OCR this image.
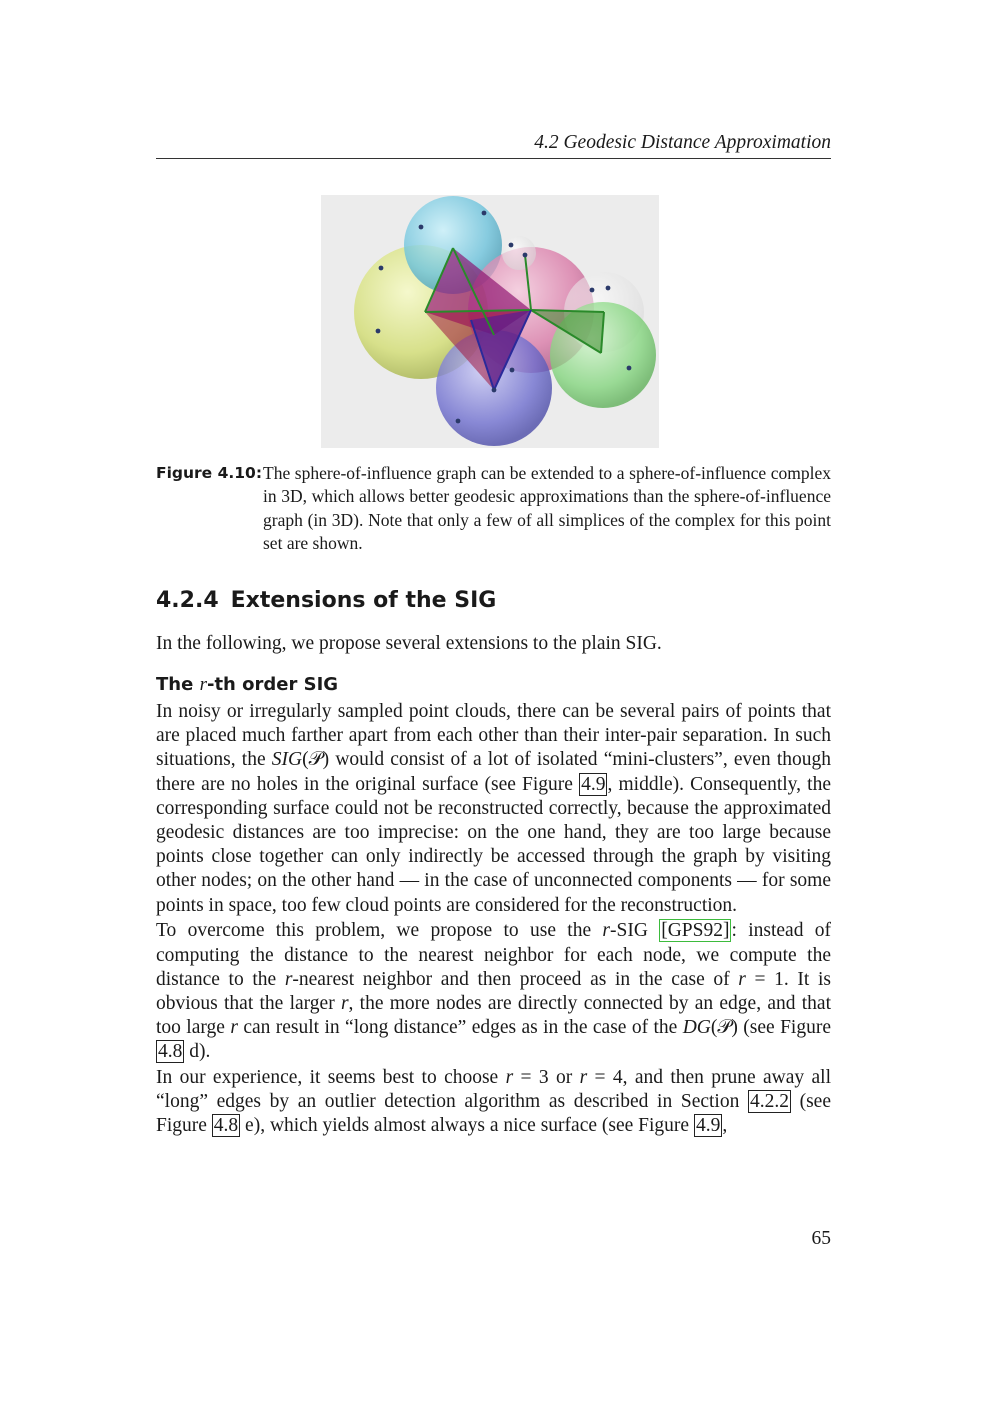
4.2 Geodesic Distance Approximation
Figure 4.10: The sphere-of-influence graph can be extended to a sphere-of-influence complex in 3D, which allows better geodesic approximations than the sphere-of-influence graph (in 3D). Note that only a few of all simplices of the complex for this point set are shown.
4.2.4 Extensions of the SIG
In the following, we propose several extensions to the plain SIG.
The r-th order SIG

In noisy or irregularly sampled point clouds, there can be several pairs of points that are placed much farther apart from each other than their inter-pair separation. In such situations, the SIG(𝒫) would consist of a lot of isolated “mini-clusters”, even though there are no holes in the original surface (see Figure 4.9 , middle). Consequently, the corresponding surface could not be reconstructed correctly, because the approximated geodesic distances are too imprecise: on the one hand, they are too large because points close together can only indirectly be accessed through the graph by visiting other nodes; on the other hand — in the case of unconnected components — for some points in space, too few cloud points are considered for the reconstruction.

To overcome this problem, we propose to use the r-SIG [GPS92] : instead of computing the distance to the nearest neighbor for each node, we compute the distance to the r-nearest neighbor and then proceed as in the case of r = 1. It is obvious that the larger r, the more nodes are directly connected by an edge, and that too large r can result in “long distance” edges as in the case of the DG(𝒫) (see Figure 4.8 d).

In our experience, it seems best to choose r = 3 or r = 4, and then prune away all “long” edges by an outlier detection algorithm as described in Section 4.2.2 (see Figure 4.8 e), which yields almost always a nice surface (see Figure 4.9 ,

65
